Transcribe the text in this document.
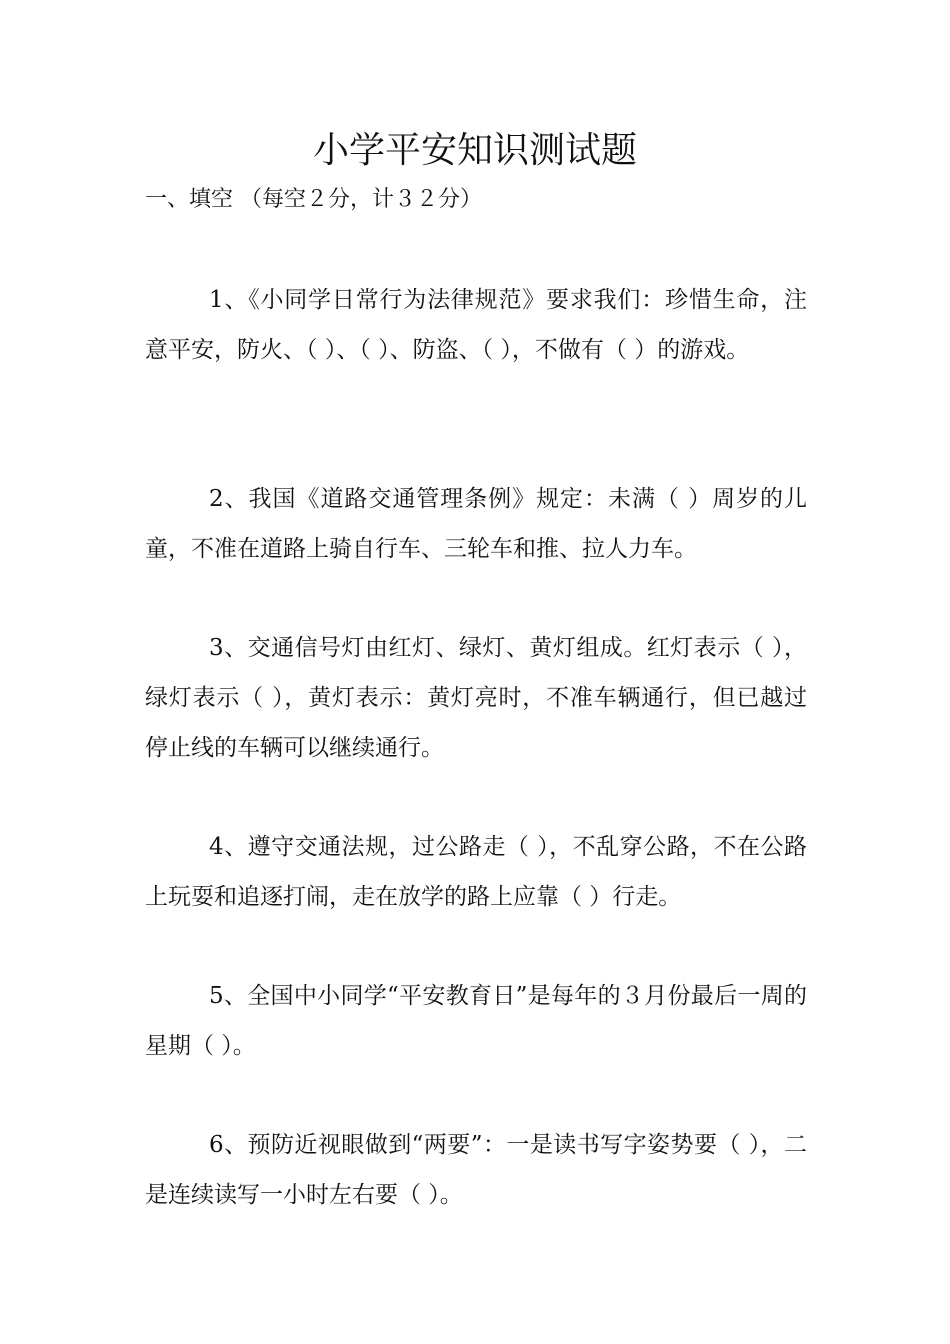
小学平安知识测试题

一、填空 （每空２分，计３２分）

1、《小同学日常行为法律规范》要求我们：珍惜生命，注意平安，防火、（ ）、（ ）、防盗、（ ），不做有（ ）的游戏。

2、我国《道路交通管理条例》规定：未满（ ）周岁的儿童，不准在道路上骑自行车、三轮车和推、拉人力车。

3、交通信号灯由红灯、绿灯、黄灯组成。红灯表示（ ），绿灯表示（ ），黄灯表示：黄灯亮时，不准车辆通行，但已越过停止线的车辆可以继续通行。

4、遵守交通法规，过公路走（ ），不乱穿公路，不在公路上玩耍和追逐打闹，走在放学的路上应靠（ ）行走。

5、全国中小同学“平安教育日”是每年的３月份最后一周的星期（ ）。

6、预防近视眼做到“两要”：一是读书写字姿势要（ ），二是连续读写一小时左右要（ ）。
